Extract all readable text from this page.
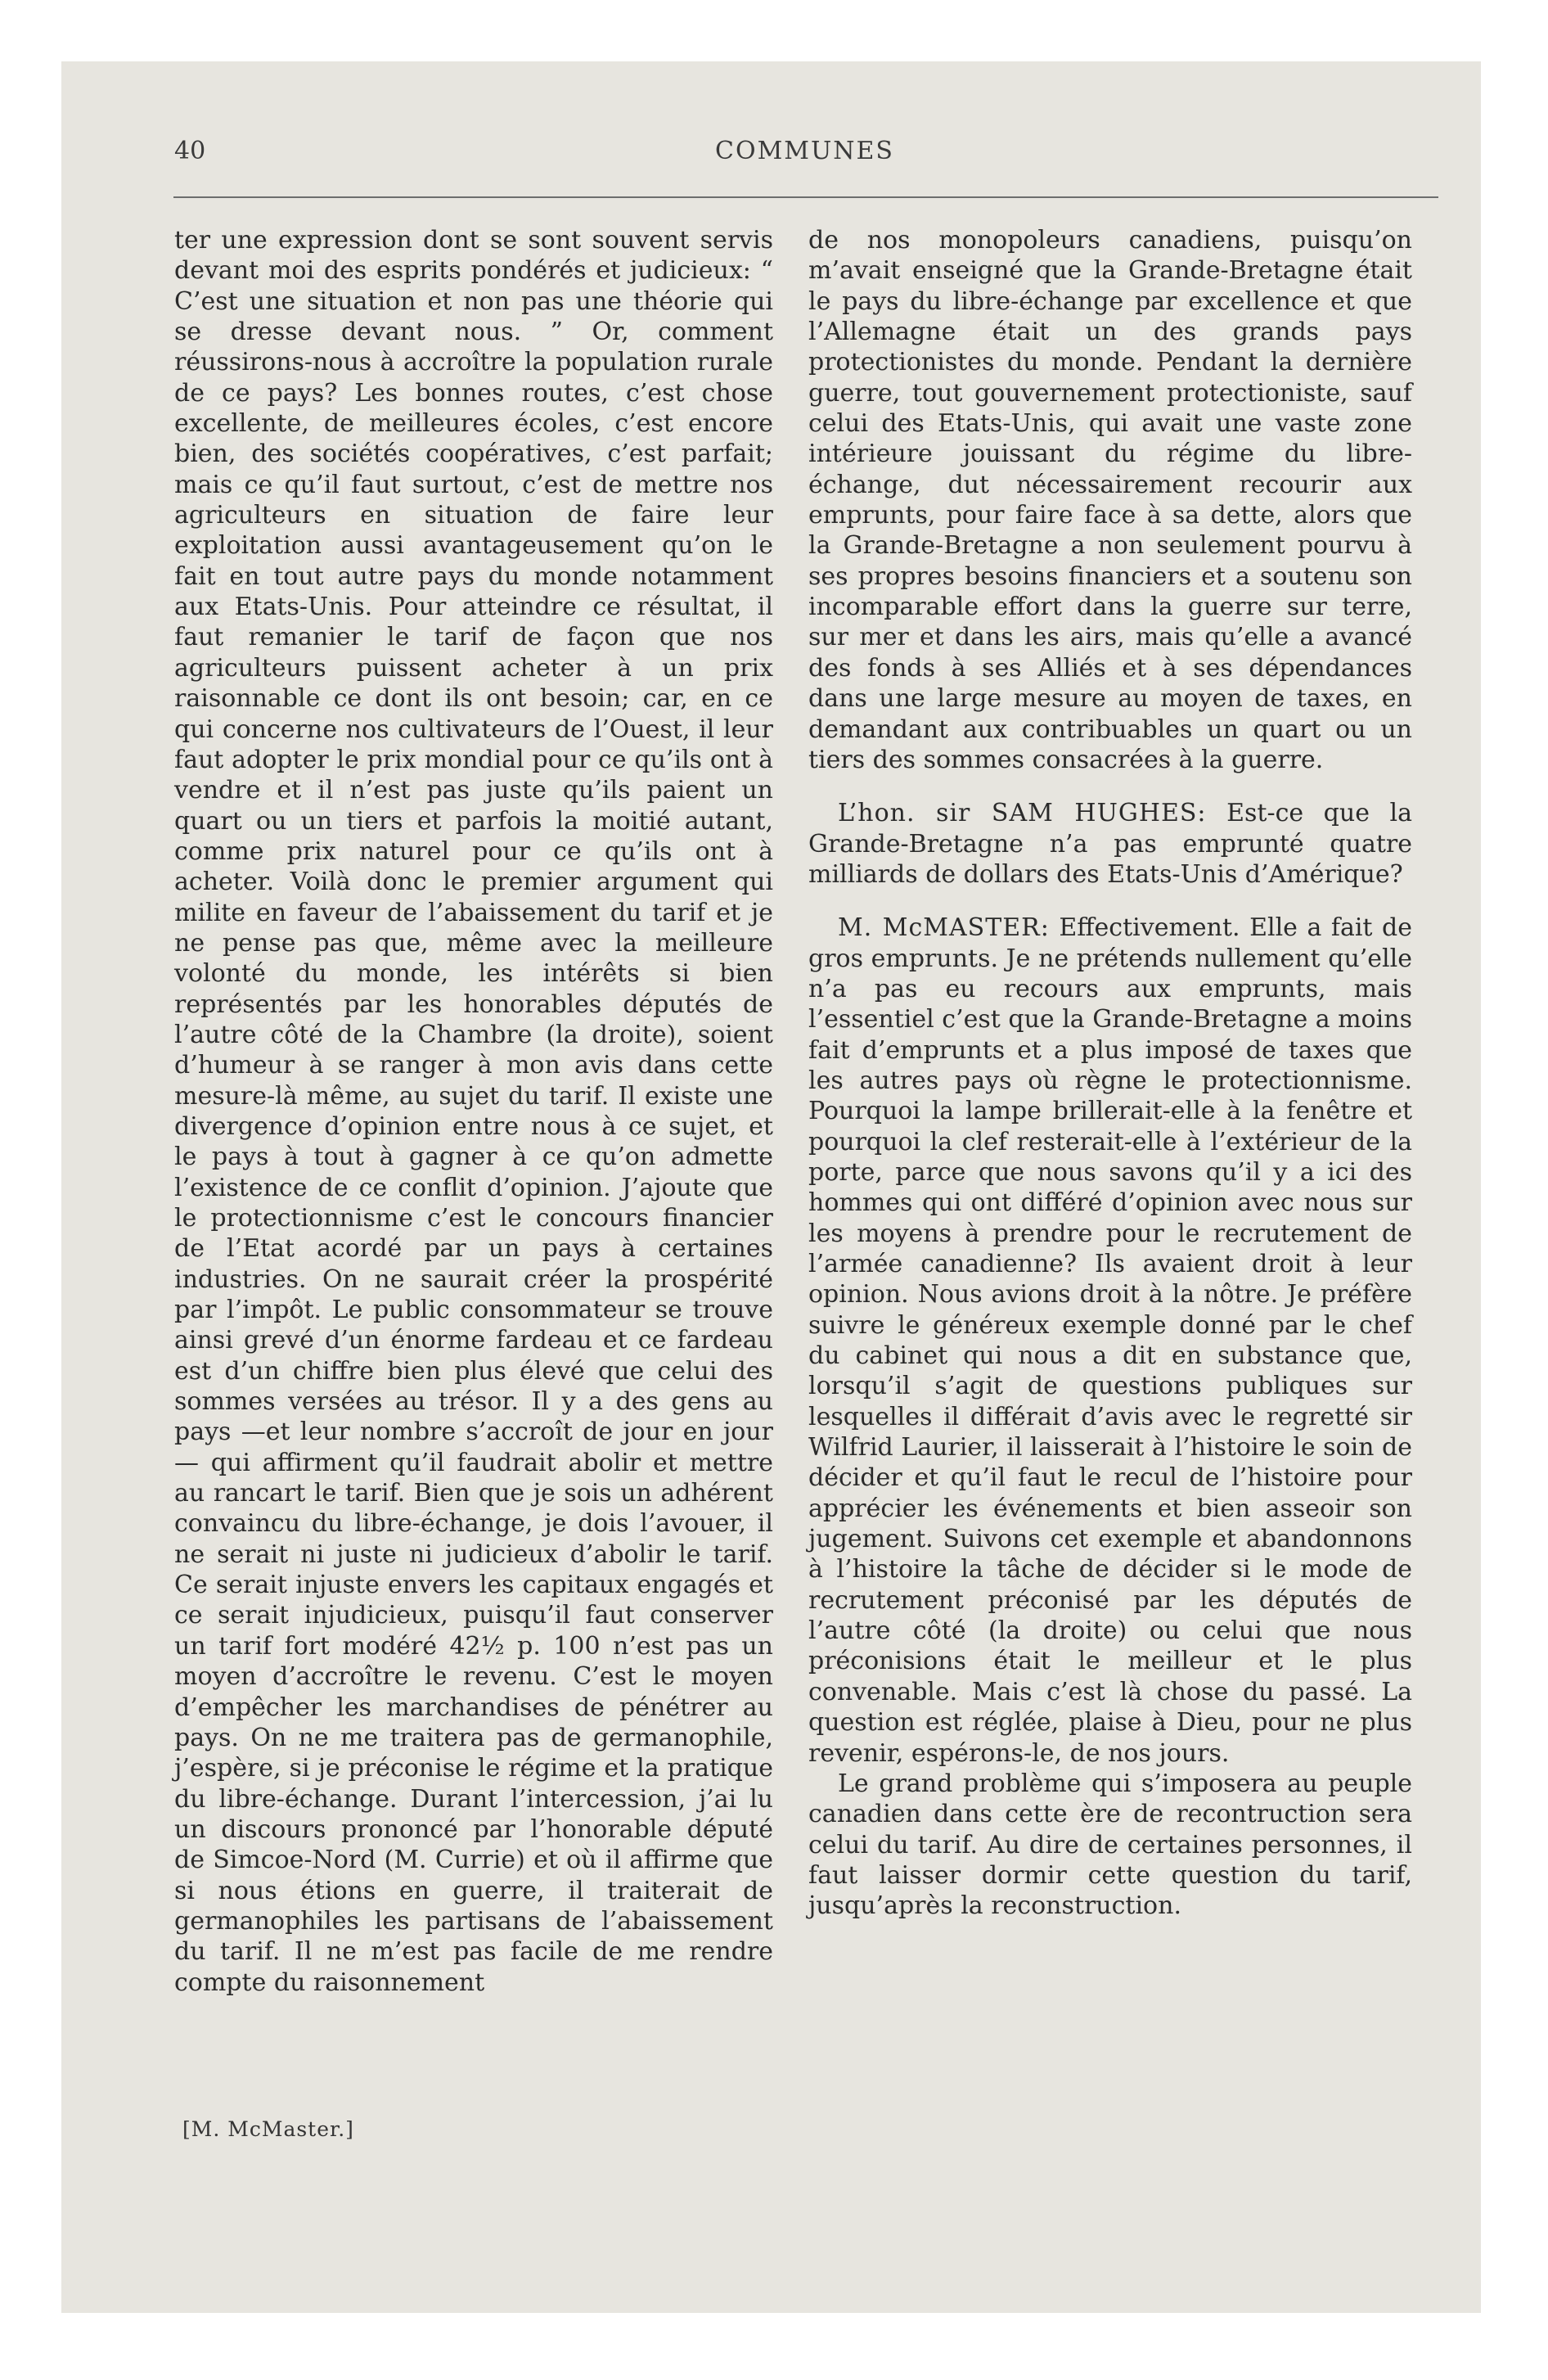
40	COMMUNES

ter une expression dont se sont souvent servis devant moi des esprits pondérés et judicieux: “ C’est une situation et non pas une théorie qui se dresse devant nous. ” Or, comment réussirons-nous à accroître la population rurale de ce pays? Les bonnes routes, c’est chose excellente, de meilleures écoles, c’est encore bien, des sociétés coopératives, c’est parfait; mais ce qu’il faut surtout, c’est de mettre nos agriculteurs en situation de faire leur exploitation aussi avantageusement qu’on le fait en tout autre pays du monde notamment aux Etats-Unis. Pour atteindre ce résultat, il faut remanier le tarif de façon que nos agriculteurs puissent acheter à un prix raisonnable ce dont ils ont besoin; car, en ce qui concerne nos cultivateurs de l’Ouest, il leur faut adopter le prix mondial pour ce qu’ils ont à vendre et il n’est pas juste qu’ils paient un quart ou un tiers et parfois la moitié autant, comme prix naturel pour ce qu’ils ont à acheter. Voilà donc le premier argument qui milite en faveur de l’abaissement du tarif et je ne pense pas que, même avec la meilleure volonté du monde, les intérêts si bien représentés par les honorables députés de l’autre côté de la Chambre (la droite), soient d’humeur à se ranger à mon avis dans cette mesure-là même, au sujet du tarif. Il existe une divergence d’opinion entre nous à ce sujet, et le pays à tout à gagner à ce qu’on admette l’existence de ce conflit d’opinion. J’ajoute que le protectionnisme c’est le concours financier de l’Etat acordé par un pays à certaines industries. On ne saurait créer la prospérité par l’impôt. Le public consommateur se trouve ainsi grevé d’un énorme fardeau et ce fardeau est d’un chiffre bien plus élevé que celui des sommes versées au trésor. Il y a des gens au pays —et leur nombre s’accroît de jour en jour— qui affirment qu’il faudrait abolir et mettre au rancart le tarif. Bien que je sois un adhérent convaincu du libre-échange, je dois l’avouer, il ne serait ni juste ni judicieux d’abolir le tarif. Ce serait injuste envers les capitaux engagés et ce serait injudicieux, puisqu’il faut conserver un tarif fort modéré 42½ p. 100 n’est pas un moyen d’accroître le revenu. C’est le moyen d’empêcher les marchandises de pénétrer au pays. On ne me traitera pas de germanophile, j’espère, si je préconise le régime et la pratique du libre-échange. Durant l’intercession, j’ai lu un discours prononcé par l’honorable député de Simcoe-Nord (M. Currie) et où il affirme que si nous étions en guerre, il traiterait de germanophiles les partisans de l’abaissement du tarif. Il ne m’est pas facile de me rendre compte du raisonnement

de nos monopoleurs canadiens, puisqu’on m’avait enseigné que la Grande-Bretagne était le pays du libre-échange par excellence et que l’Allemagne était un des grands pays protectionistes du monde. Pendant la dernière guerre, tout gouvernement protectioniste, sauf celui des Etats-Unis, qui avait une vaste zone intérieure jouissant du régime du libre-échange, dut nécessairement recourir aux emprunts, pour faire face à sa dette, alors que la Grande-Bretagne a non seulement pourvu à ses propres besoins financiers et a soutenu son incomparable effort dans la guerre sur terre, sur mer et dans les airs, mais qu’elle a avancé des fonds à ses Alliés et à ses dépendances dans une large mesure au moyen de taxes, en demandant aux contribuables un quart ou un tiers des sommes consacrées à la guerre.

L’hon. sir SAM HUGHES: Est-ce que la Grande-Bretagne n’a pas emprunté quatre milliards de dollars des Etats-Unis d’Amérique?

M. McMASTER: Effectivement. Elle a fait de gros emprunts. Je ne prétends nullement qu’elle n’a pas eu recours aux emprunts, mais l’essentiel c’est que la Grande-Bretagne a moins fait d’emprunts et a plus imposé de taxes que les autres pays où règne le protectionnisme. Pourquoi la lampe brillerait-elle à la fenêtre et pourquoi la clef resterait-elle à l’extérieur de la porte, parce que nous savons qu’il y a ici des hommes qui ont différé d’opinion avec nous sur les moyens à prendre pour le recrutement de l’armée canadienne? Ils avaient droit à leur opinion. Nous avions droit à la nôtre. Je préfère suivre le généreux exemple donné par le chef du cabinet qui nous a dit en substance que, lorsqu’il s’agit de questions publiques sur lesquelles il différait d’avis avec le regretté sir Wilfrid Laurier, il laisserait à l’histoire le soin de décider et qu’il faut le recul de l’histoire pour apprécier les événements et bien asseoir son jugement. Suivons cet exemple et abandonnons à l’histoire la tâche de décider si le mode de recrutement préconisé par les députés de l’autre côté (la droite) ou celui que nous préconisions était le meilleur et le plus convenable. Mais c’est là chose du passé. La question est réglée, plaise à Dieu, pour ne plus revenir, espérons-le, de nos jours.

Le grand problème qui s’imposera au peuple canadien dans cette ère de recontruction sera celui du tarif. Au dire de certaines personnes, il faut laisser dormir cette question du tarif, jusqu’après la reconstruction.

[M. McMaster.]
